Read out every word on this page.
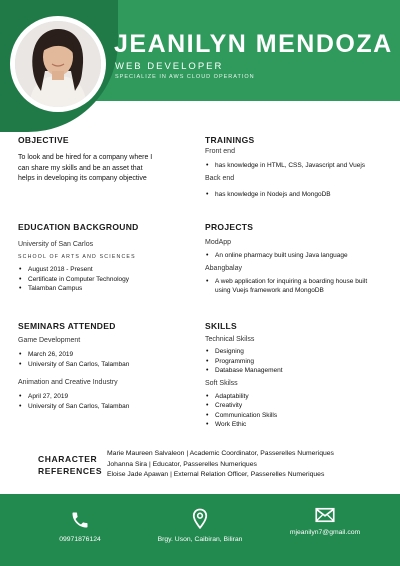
JEANILYN MENDOZA
WEB DEVELOPER
SPECIALIZE IN AWS CLOUD OPERATION
OBJECTIVE
To look and be hired for a company where I can share my skills and be an asset that helps in developing its company objective
EDUCATION BACKGROUND
University of San Carlos
SCHOOL OF ARTS AND SCIENCES
• August 2018 - Present
• Certificate in Computer Technology
• Talamban Campus
SEMINARS ATTENDED
Game Development
• March 26, 2019
• University of San Carlos, Talamban
Animation and Creative Industry
• April 27, 2019
• University of San Carlos, Talamban
TRAININGS
Front end
• has knowledge in HTML, CSS, Javascript and Vuejs
Back end
• has knowledge in Nodejs and MongoDB
PROJECTS
ModApp
• An online pharmacy built using Java language
Abangbalay
• A web application for inquiring a boarding house built using Vuejs framework and MongoDB
SKILLS
Technical Skilss
• Designing
• Programming
• Database Management
Soft Skilss
• Adaptability
• Creativity
• Communication Skills
• Work Ethic
CHARACTER
REFERENCES
Marie Maureen Salvaleon | Academic Coordinator, Passerelles Numeriques
Johanna Sira | Educator, Passerelles Numeriques
Eloise Jade Apawan | External Relation Officer, Passerelles Numeriques
09971876124	Brgy. Uson, Caibiran, Biliran
mjeanilyn7@gmail.com
